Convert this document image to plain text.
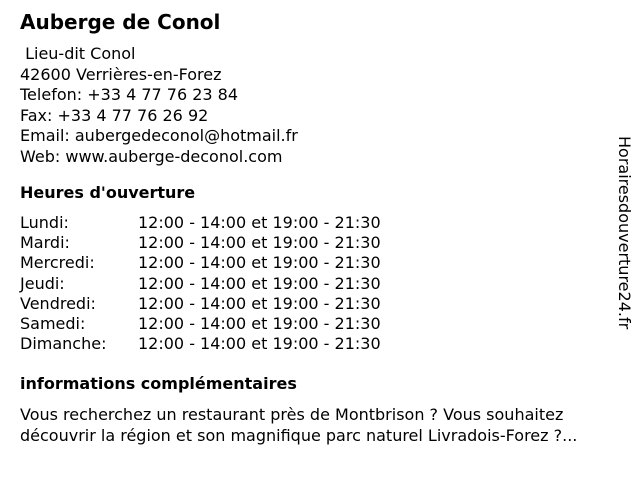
Auberge de Conol
Lieu-dit Conol
42600 Verrières-en-Forez
Telefon: +33 4 77 76 23 84
Fax: +33 4 77 76 26 92
Email: aubergedeconol@hotmail.fr
Web: www.auberge-deconol.com
Heures d'ouverture
Lundi:	12:00 - 14:00 et 19:00 - 21:30
Mardi:	12:00 - 14:00 et 19:00 - 21:30
Mercredi:	12:00 - 14:00 et 19:00 - 21:30
Jeudi:	12:00 - 14:00 et 19:00 - 21:30
Vendredi:	12:00 - 14:00 et 19:00 - 21:30
Samedi:	12:00 - 14:00 et 19:00 - 21:30
Dimanche:	12:00 - 14:00 et 19:00 - 21:30
informations complémentaires
Vous recherchez un restaurant près de Montbrison ? Vous souhaitez
découvrir la région et son magnifique parc naturel Livradois-Forez ?...
Horairesdouverture24.fr
